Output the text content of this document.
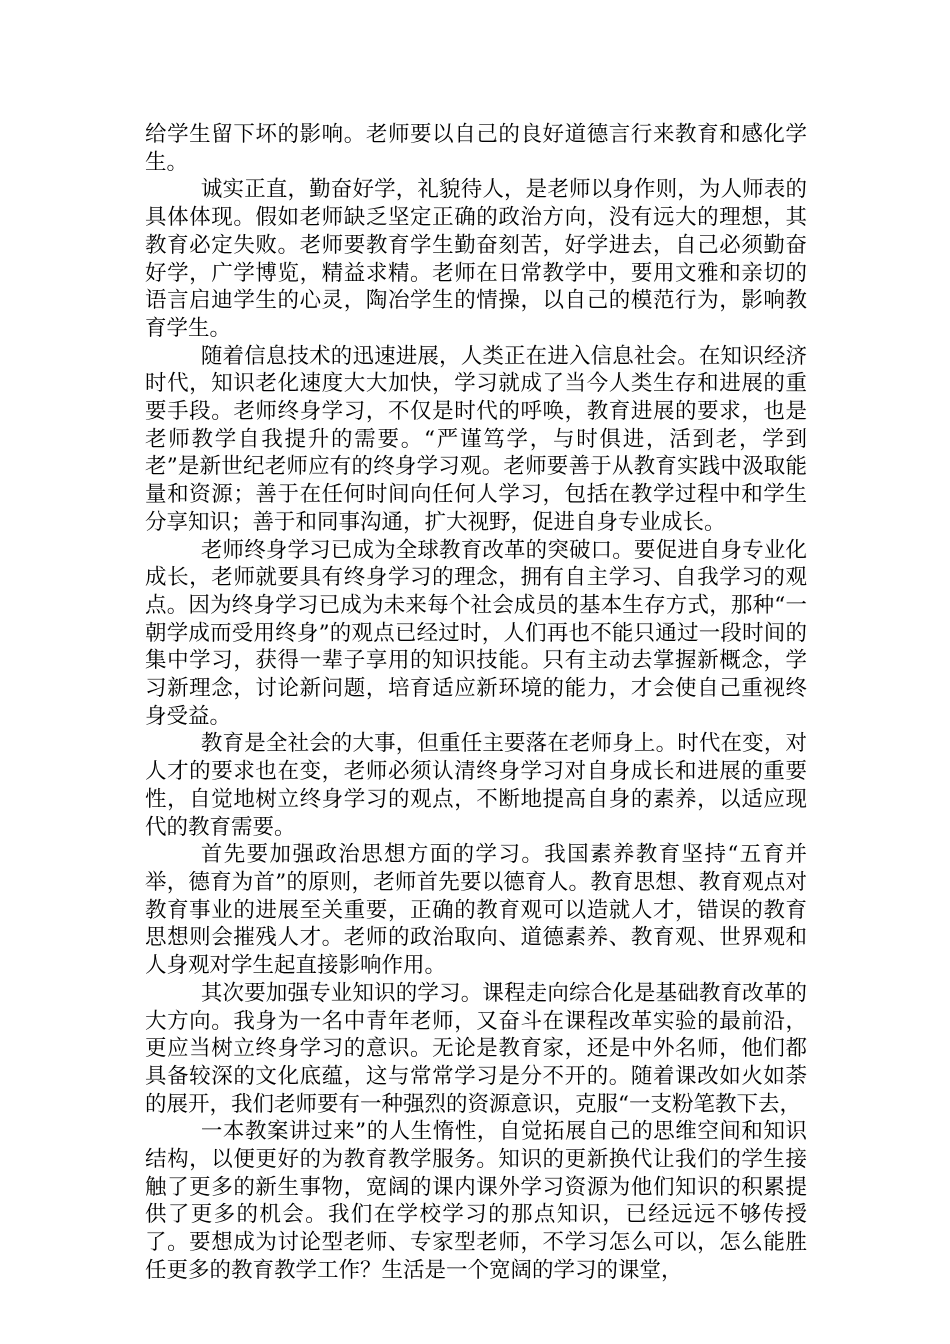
给学生留下坏的影响。老师要以自己的良好道德言行来教育和感化学生。

诚实正直，勤奋好学，礼貌待人，是老师以身作则，为人师表的具体体现。假如老师缺乏坚定正确的政治方向，没有远大的理想，其教育必定失败。老师要教育学生勤奋刻苦，好学进去，自己必须勤奋好学，广学博览，精益求精。老师在日常教学中，要用文雅和亲切的语言启迪学生的心灵，陶冶学生的情操，以自己的模范行为，影响教育学生。

随着信息技术的迅速进展，人类正在进入信息社会。在知识经济时代，知识老化速度大大加快，学习就成了当今人类生存和进展的重要手段。老师终身学习，不仅是时代的呼唤，教育进展的要求，也是老师教学自我提升的需要。“严谨笃学，与时俱进，活到老，学到老”是新世纪老师应有的终身学习观。老师要善于从教育实践中汲取能量和资源；善于在任何时间向任何人学习，包括在教学过程中和学生分享知识；善于和同事沟通，扩大视野，促进自身专业成长。

老师终身学习已成为全球教育改革的突破口。要促进自身专业化成长，老师就要具有终身学习的理念，拥有自主学习、自我学习的观点。因为终身学习已成为未来每个社会成员的基本生存方式，那种“一朝学成而受用终身”的观点已经过时，人们再也不能只通过一段时间的集中学习，获得一辈子享用的知识技能。只有主动去掌握新概念，学习新理念，讨论新问题，培育适应新环境的能力，才会使自己重视终身受益。

教育是全社会的大事，但重任主要落在老师身上。时代在变，对人才的要求也在变，老师必须认清终身学习对自身成长和进展的重要性，自觉地树立终身学习的观点，不断地提高自身的素养，以适应现代的教育需要。

首先要加强政治思想方面的学习。我国素养教育坚持“五育并举，德育为首”的原则，老师首先要以德育人。教育思想、教育观点对教育事业的进展至关重要，正确的教育观可以造就人才，错误的教育思想则会摧残人才。老师的政治取向、道德素养、教育观、世界观和人身观对学生起直接影响作用。

其次要加强专业知识的学习。课程走向综合化是基础教育改革的大方向。我身为一名中青年老师，又奋斗在课程改革实验的最前沿，更应当树立终身学习的意识。无论是教育家，还是中外名师，他们都具备较深的文化底蕴，这与常常学习是分不开的。随着课改如火如荼的展开，我们老师要有一种强烈的资源意识，克服“一支粉笔教下去，

一本教案讲过来”的人生惰性，自觉拓展自己的思维空间和知识结构，以便更好的为教育教学服务。知识的更新换代让我们的学生接触了更多的新生事物，宽阔的课内课外学习资源为他们知识的积累提供了更多的机会。我们在学校学习的那点知识，已经远远不够传授了。要想成为讨论型老师、专家型老师，不学习怎么可以，怎么能胜任更多的教育教学工作？生活是一个宽阔的学习的课堂，
